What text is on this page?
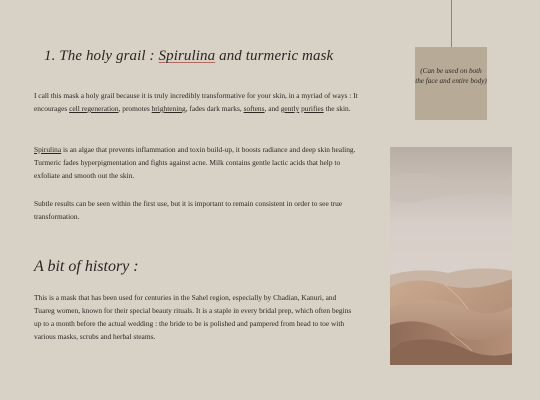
1. The holy grail : Spirulina and turmeric mask

I call this mask a holy grail because it is truly incredibly transformative for your skin, in a myriad of ways : It encourages cell regeneration, promotes brightening, fades dark marks, softens, and gently purifies the skin.

Spirulina is an algae that prevents inflammation and toxin build-up, it boosts radiance and deep skin healing. Turmeric fades hyperpigmentation and fights against acne. Milk contains gentle lactic acids that help to exfoliate and smooth out the skin.

Subtle results can be seen within the first use, but it is important to remain consistent in order to see true transformation.

A bit of history :

This is a mask that has been used for centuries in the Sahel region, especially by Chadian, Kanuri, and Tuareg women, known for their special beauty rituals. It is a staple in every bridal prep, which often begins up to a month before the actual wedding : the bride to be is polished and pampered from head to toe with various masks, scrubs and herbal steams.

(Can be used on both the face and entire body)
